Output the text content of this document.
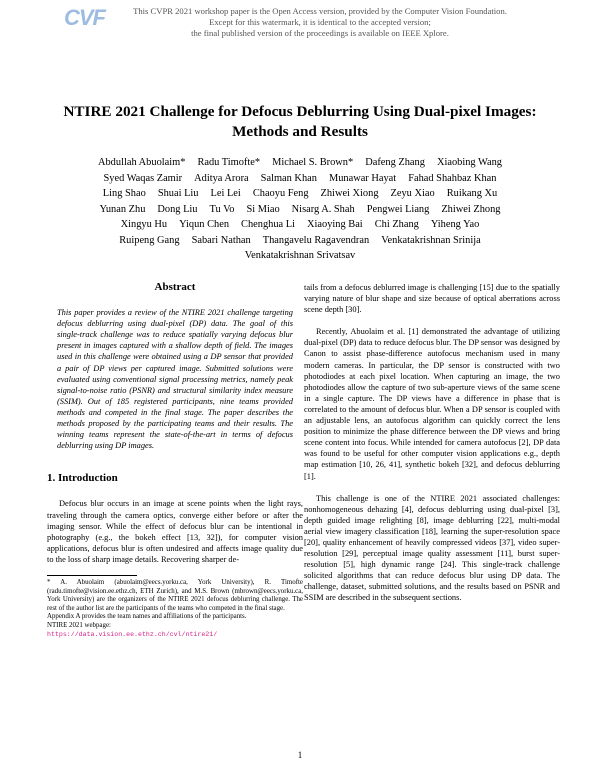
CVF	This CVPR 2021 workshop paper is the Open Access version, provided by the Computer Vision Foundation.
Except for this watermark, it is identical to the accepted version;
the final published version of the proceedings is available on IEEE Xplore.
NTIRE 2021 Challenge for Defocus Deblurring Using Dual-pixel Images:
Methods and Results
Abdullah Abuolaim* Radu Timofte* Michael S. Brown* Dafeng Zhang Xiaobing Wang
Syed Waqas Zamir Aditya Arora Salman Khan Munawar Hayat Fahad Shahbaz Khan
Ling Shao Shuai Liu Lei Lei Chaoyu Feng Zhiwei Xiong Zeyu Xiao Ruikang Xu
Yunan Zhu Dong Liu Tu Vo Si Miao Nisarg A. Shah Pengwei Liang Zhiwei Zhong
Xingyu Hu Yiqun Chen Chenghua Li Xiaoying Bai Chi Zhang Yiheng Yao
Ruipeng Gang Sabari Nathan Thangavelu Ragavendran Venkatakrishnan Srinija
Venkatakrishnan Srivatsav
Abstract

This paper provides a review of the NTIRE 2021 challenge targeting defocus deblurring using dual-pixel (DP) data. The goal of this single-track challenge was to reduce spatially varying defocus blur present in images captured with a shallow depth of field. The images used in this challenge were obtained using a DP sensor that provided a pair of DP views per captured image. Submitted solutions were evaluated using conventional signal processing metrics, namely peak signal-to-noise ratio (PSNR) and structural similarity index measure (SSIM). Out of 185 registered participants, nine teams provided methods and competed in the final stage. The paper describes the methods proposed by the participating teams and their results. The winning teams represent the state-of-the-art in terms of defocus deblurring using DP images.

1. Introduction

Defocus blur occurs in an image at scene points when the light rays, traveling through the camera optics, converge either before or after the imaging sensor. While the effect of defocus blur can be intentional in photography (e.g., the bokeh effect [13, 32]), for computer vision applications, defocus blur is often undesired and affects image quality due to the loss of sharp image details. Recovering sharper de-

* A. Abuolaim (abuolaim@eecs.yorku.ca, York University), R. Timofte (radu.timofte@vision.ee.ethz.ch, ETH Zurich), and M.S. Brown (mbrown@eecs.yorku.ca, York University) are the organizers of the NTIRE 2021 defocus deblurring challenge. The rest of the author list are the participants of the teams who competed in the final stage.
Appendix A provides the team names and affiliations of the participants.
NTIRE 2021 webpage:
https://data.vision.ee.ethz.ch/cvl/ntire21/

tails from a defocus deblurred image is challenging [15] due to the spatially varying nature of blur shape and size because of optical aberrations across scene depth [30].

Recently, Abuolaim et al. [1] demonstrated the advantage of utilizing dual-pixel (DP) data to reduce defocus blur. The DP sensor was designed by Canon to assist phase-difference autofocus mechanism used in many modern cameras. In particular, the DP sensor is constructed with two photodiodes at each pixel location. When capturing an image, the two photodiodes allow the capture of two sub-aperture views of the same scene in a single capture. The DP views have a difference in phase that is correlated to the amount of defocus blur. When a DP sensor is coupled with an adjustable lens, an autofocus algorithm can quickly correct the lens position to minimize the phase difference between the DP views and bring scene content into focus. While intended for camera autofocus [2], DP data was found to be useful for other computer vision applications e.g., depth map estimation [10, 26, 41], synthetic bokeh [32], and defocus deblurring [1].

This challenge is one of the NTIRE 2021 associated challenges: nonhomogeneous dehazing [4], defocus deblurring using dual-pixel [3], depth guided image relighting [8], image deblurring [22], multi-modal aerial view imagery classification [18], learning the super-resolution space [20], quality enhancement of heavily compressed videos [37], video super-resolution [29], perceptual image quality assessment [11], burst super-resolution [5], high dynamic range [24]. This single-track challenge solicited algorithms that can reduce defocus blur using DP data. The challenge, dataset, submitted solutions, and the results based on PSNR and SSIM are described in the subsequent sections.

1
